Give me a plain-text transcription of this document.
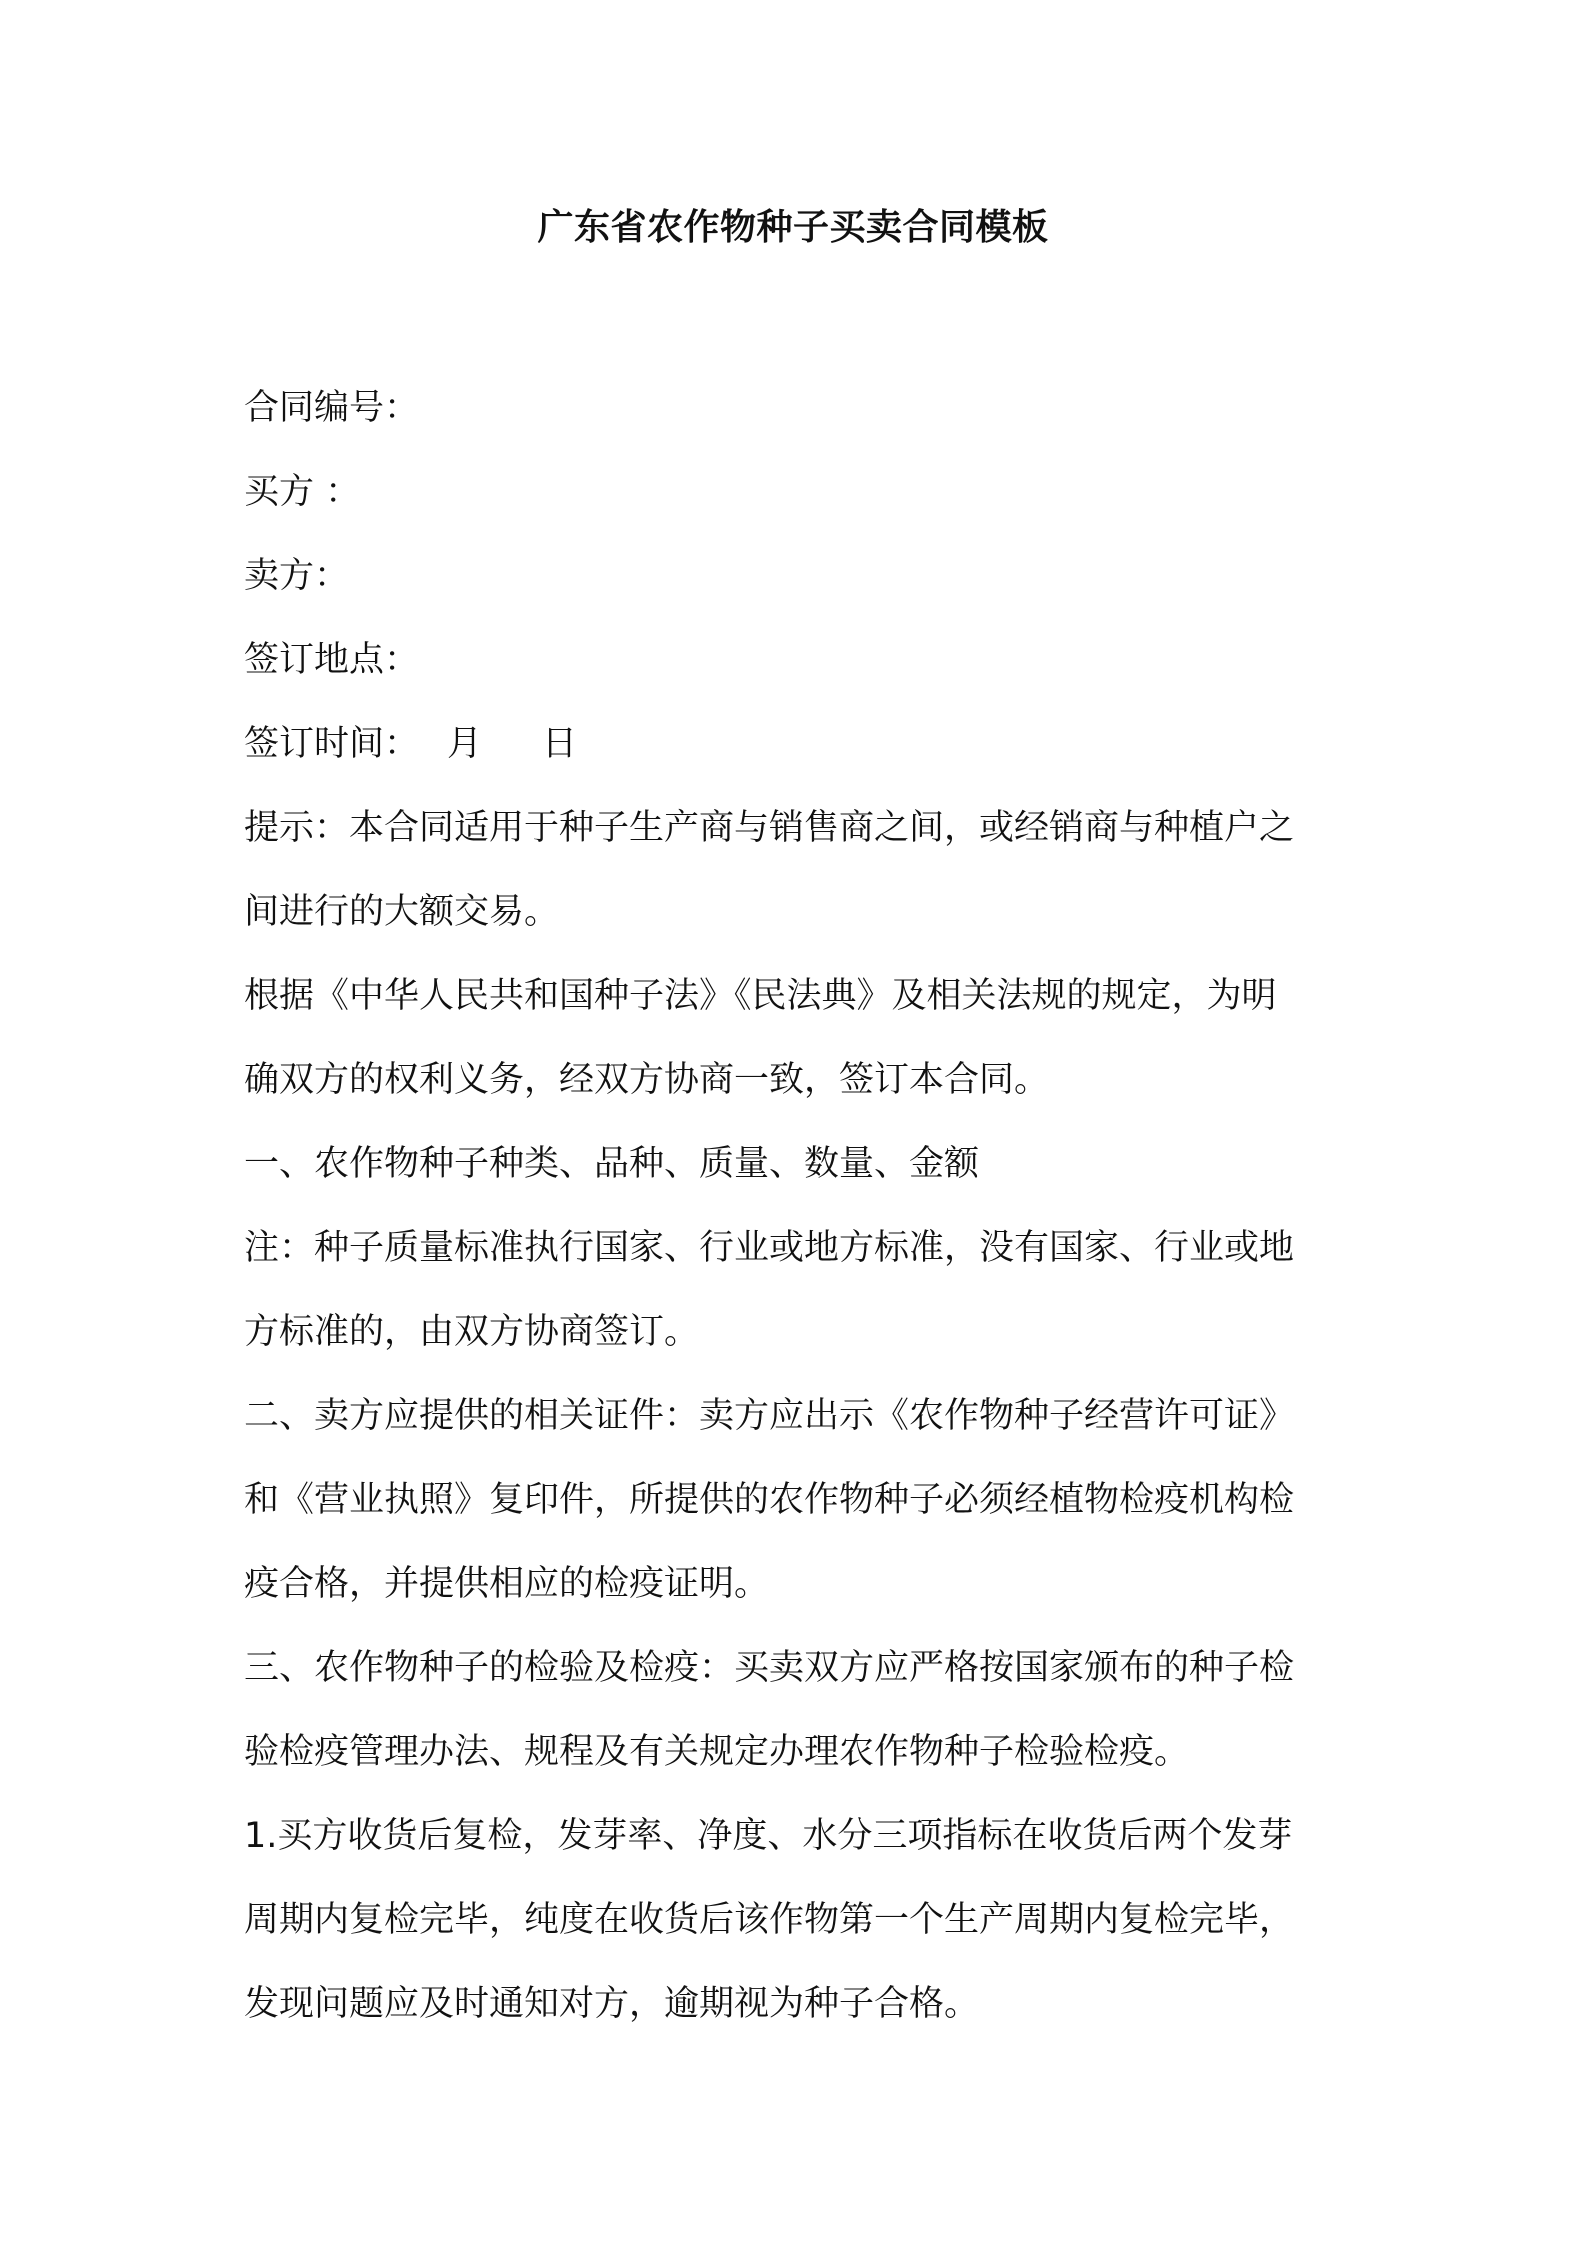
广东省农作物种子买卖合同模板
合同编号：
买方 ：
卖方：
签订地点：
签订时间： 月 日
提示：本合同适用于种子生产商与销售商之间，或经销商与种植户之
间进行的大额交易。
根据《中华人民共和国种子法》《民法典》及相关法规的规定，为明
确双方的权利义务，经双方协商一致，签订本合同。
一、农作物种子种类、品种、质量、数量、金额
注：种子质量标准执行国家、行业或地方标准，没有国家、行业或地
方标准的，由双方协商签订。
二、卖方应提供的相关证件：卖方应出示《农作物种子经营许可证》
和《营业执照》复印件，所提供的农作物种子必须经植物检疫机构检
疫合格，并提供相应的检疫证明。
三、农作物种子的检验及检疫：买卖双方应严格按国家颁布的种子检
验检疫管理办法、规程及有关规定办理农作物种子检验检疫。
1.买方收货后复检，发芽率、净度、水分三项指标在收货后两个发芽
周期内复检完毕，纯度在收货后该作物第一个生产周期内复检完毕，
发现问题应及时通知对方，逾期视为种子合格。
